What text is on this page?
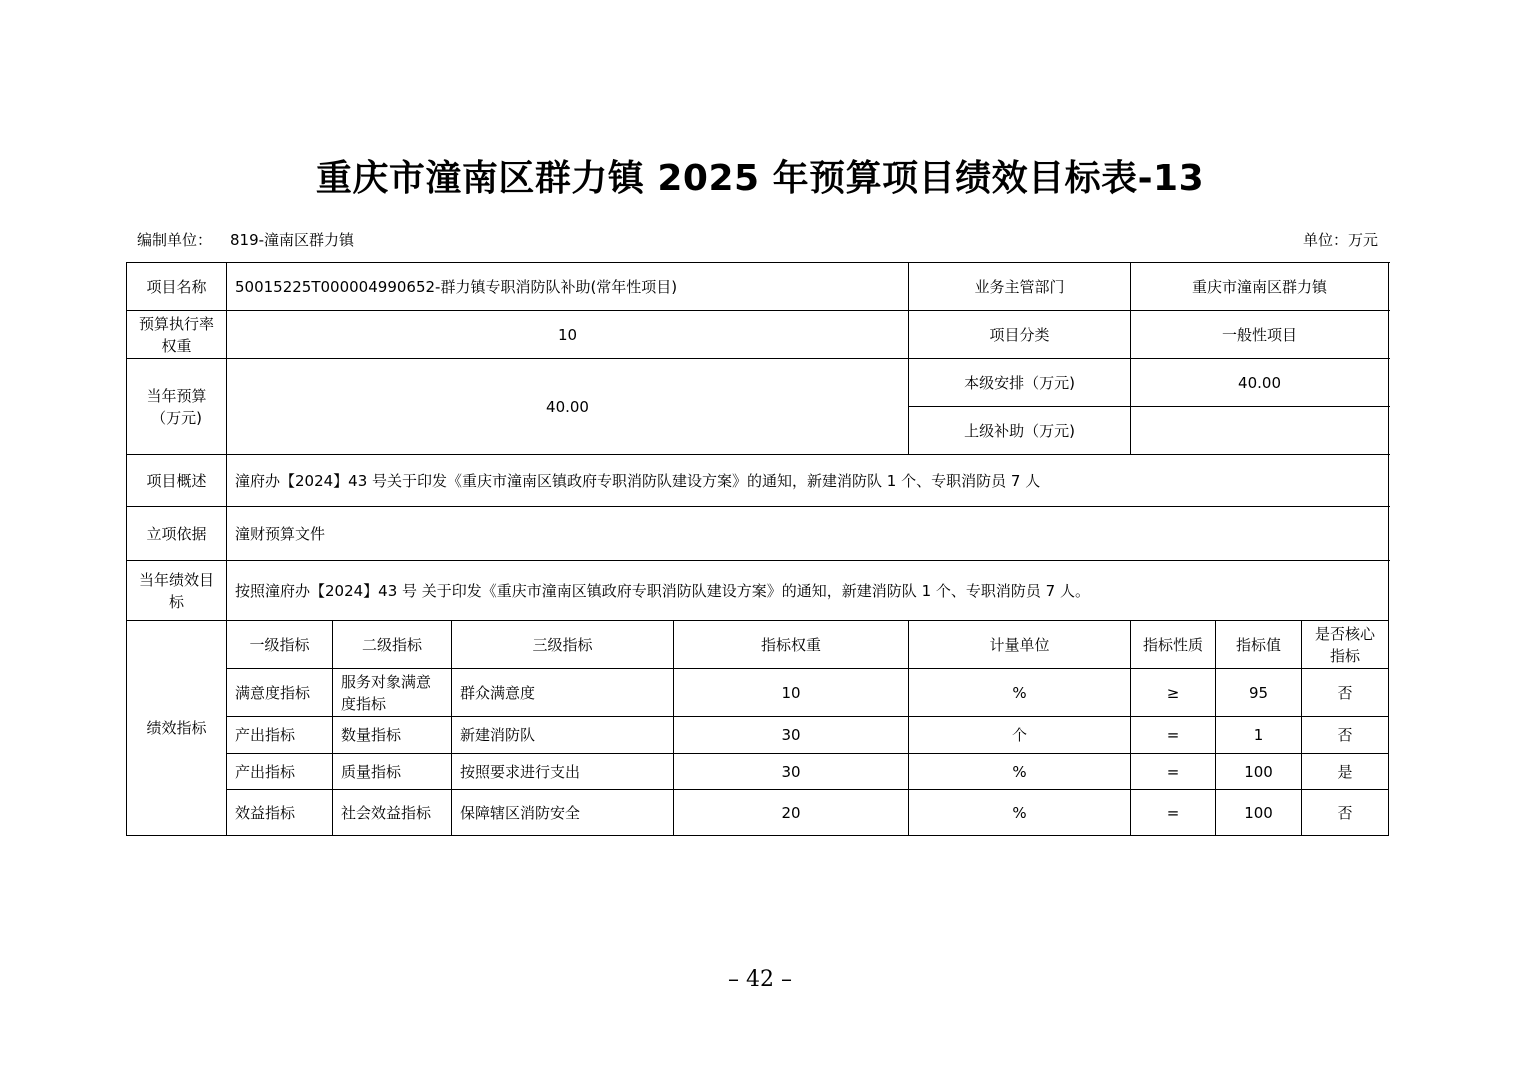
重庆市潼南区群力镇 2025 年预算项目绩效目标表-13
编制单位： 819-潼南区群力镇	单位：万元
项目名称	50015225T000004990652-群力镇专职消防队补助(常年性项目)				业务主管部门	重庆市潼南区群力镇		
预算执行率权重	10				项目分类	一般性项目		
当年预算（万元)	40.00				本级安排（万元)	40.00		
					上级补助（万元)			
项目概述	潼府办【2024】43 号关于印发《重庆市潼南区镇政府专职消防队建设方案》的通知，新建消防队 1 个、专职消防员 7 人							
立项依据	潼财预算文件							
当年绩效目标	按照潼府办【2024】43 号 关于印发《重庆市潼南区镇政府专职消防队建设方案》的通知，新建消防队 1 个、专职消防员 7 人。							
绩效指标	一级指标	二级指标	三级指标	指标权重	计量单位	指标性质	指标值	是否核心指标
	满意度指标	服务对象满意度指标	群众满意度	10	%	≥	95	否
	产出指标	数量指标	新建消防队	30	个	=	1	否
	产出指标	质量指标	按照要求进行支出	30	%	=	100	是
	效益指标	社会效益指标	保障辖区消防安全	20	%	=	100	否
– 42 –
